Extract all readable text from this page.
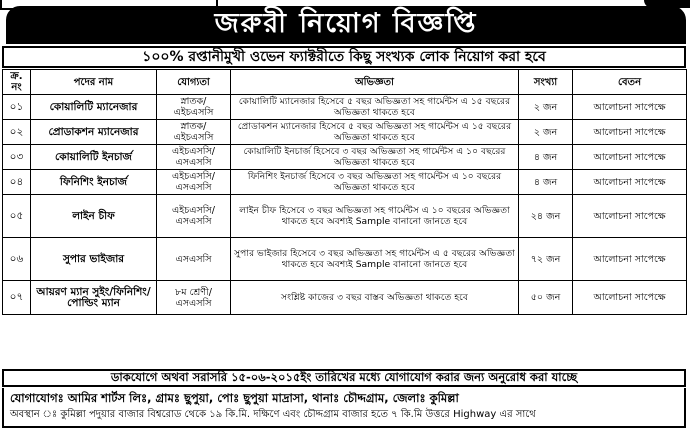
জরুরী নিয়োগ বিজ্ঞপ্তি
১০০% রপ্তানীমুখী ওভেন ফ্যাক্টরীতে কিছু সংখ্যক লোক নিয়োগ করা হবে
ক্র. নং	পদের নাম	যোগ্যতা	অভিজ্ঞতা	সংখ্যা	বেতন
০১	কোয়ালিটি ম্যানেজার	স্নাতক/ এইচএসসি	কোয়ালিটি ম্যানেজার হিসেবে ৫ বছর অভিজ্ঞতা সহ গার্মেন্টস এ ১৫ বছরের অভিজ্ঞতা থাকতে হবে	২ জন	আলোচনা সাপেক্ষে
০২	প্রোডাকশন ম্যানেজার	স্নাতক/ এইচএসসি	প্রোডাকশন ম্যানেজার হিসেবে ৫ বছর অভিজ্ঞতা সহ গার্মেন্টস এ ১৫ বছরের অভিজ্ঞতা থাকতে হবে	২ জন	আলোচনা সাপেক্ষে
০৩	কোয়ালিটি ইনচার্জ	এইচএসসি/ এসএসসি	কোয়ালিটি ইনচার্জ হিসেবে ৩ বছর অভিজ্ঞতা সহ গার্মেন্টস এ ১০ বছরের অভিজ্ঞতা থাকতে হবে	৪ জন	আলোচনা সাপেক্ষে
০৪	ফিনিশিং ইনচার্জ	এইচএসসি/ এসএসসি	ফিনিশিং ইনচার্জ হিসেবে ৩ বছর অভিজ্ঞতা সহ গার্মেন্টস এ ১০ বছরের অভিজ্ঞতা থাকতে হবে	৪ জন	আলোচনা সাপেক্ষে
০৫	লাইন চীফ	এইচএসসি/ এসএসসি	লাইন চীফ হিসেবে ৩ বছর অভিজ্ঞতা সহ গার্মেন্টস এ ১০ বছরের অভিজ্ঞতা থাকতে হবে অবশ্যই Sample বানানো জানতে হবে	২৪ জন	আলোচনা সাপেক্ষে
০৬	সুপার ভাইজার	এসএসসি	সুপার ভাইজার হিসেবে ৩ বছর অভিজ্ঞতা সহ গার্মেন্টস এ ৫ বছরের অভিজ্ঞতা থাকতে হবে অবশ্যই Sample বানানো জানতে হবে	৭২ জন	আলোচনা সাপেক্ষে
০৭	আয়রণ ম্যান সুইং/ফিনিশিং/পোল্ডিং ম্যান	৮ম শ্রেণী/ এসএসসি	সংশ্লিষ্ট কাজের ৩ বছর বাস্তব অভিজ্ঞতা থাকতে হবে	৫০ জন	আলোচনা সাপেক্ষে
ডাকযোগে অথবা সরাসরি ১৫-০৬-২০১৫ইং তারিখের মধ্যে যোগাযোগ করার জন্য অনুরোধ করা যাচ্ছে
যোগাযোগঃ আমির শার্টস লিঃ, গ্রামঃ ছুপুয়া, পোঃ ছুপুয়া মাদ্রাসা, থানাঃ চৌদ্দগ্রাম, জেলাঃ কুমিল্লা
অবস্থান ঃ কুমিল্লা পদুয়ার বাজার বিশ্বরোড থেকে ১৯ কি.মি. দক্ষিণে এবং চৌদ্দগ্রাম বাজার হতে ৭ কি.মি উত্তরে Highway এর সাথে
